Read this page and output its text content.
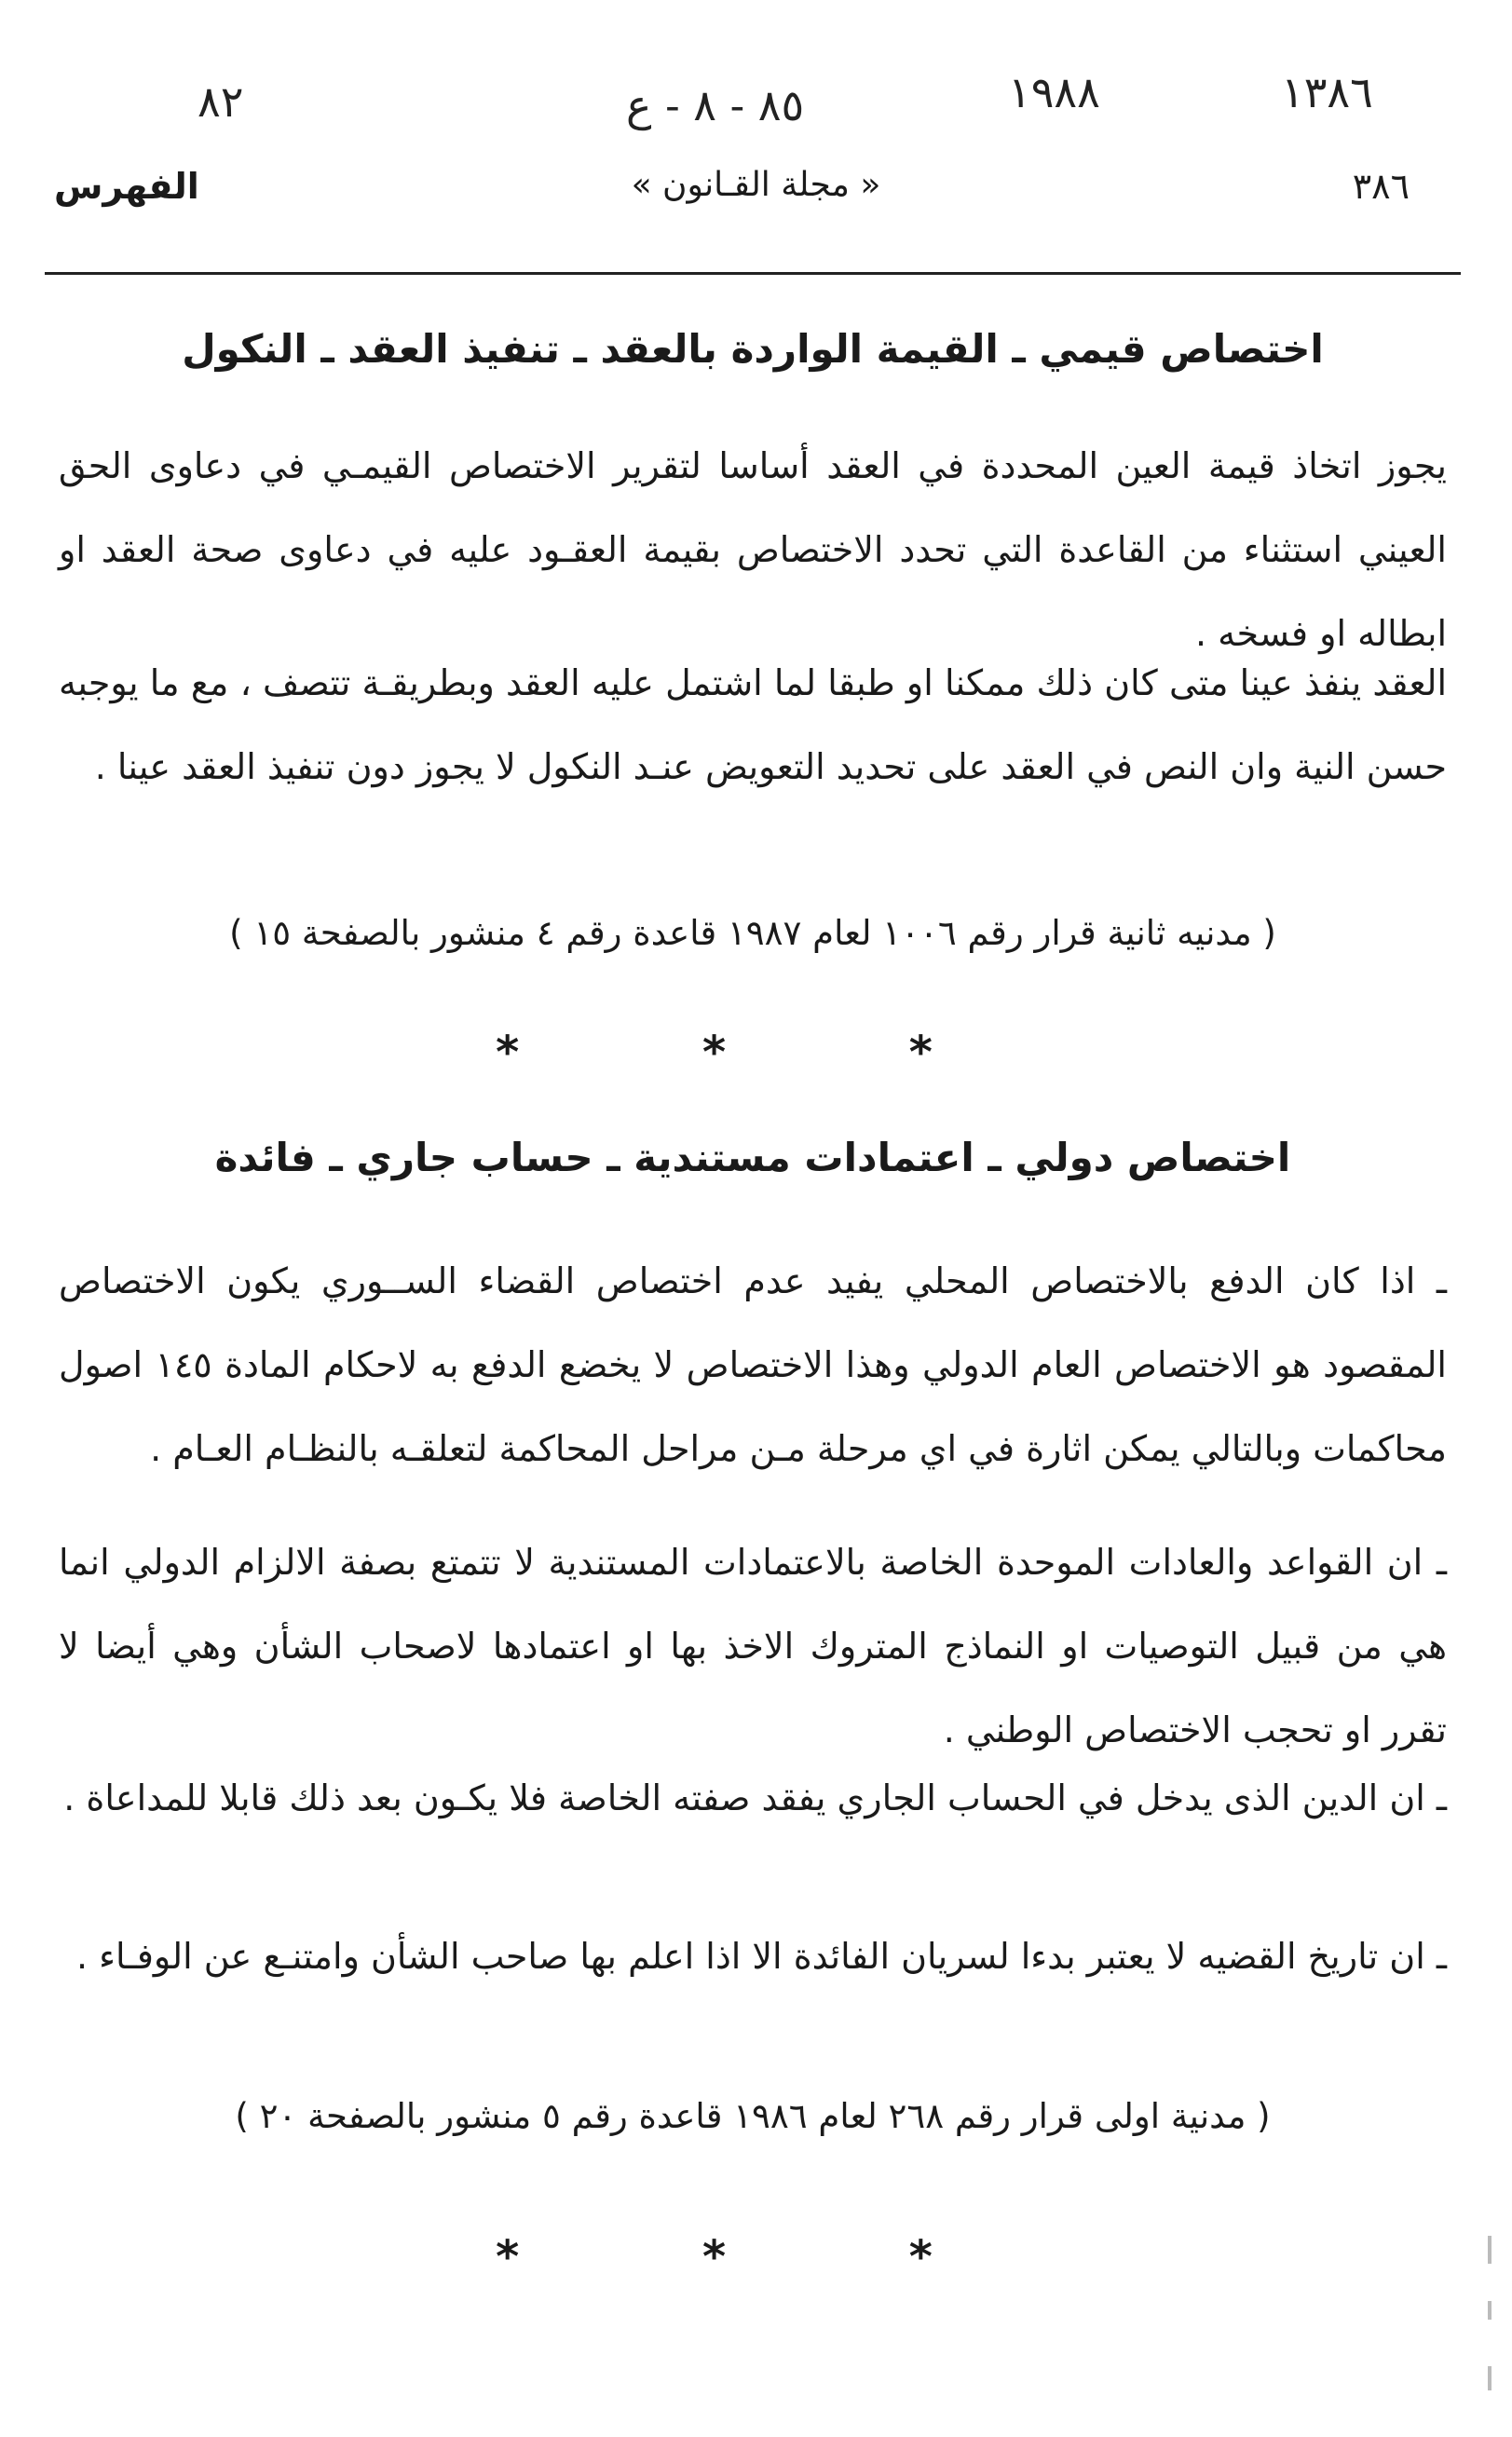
٨٢	٨٥ - ٨ - ع	١٩٨٨	١٣٨٦
الفهرس	« مجلة القـانون »	٣٨٦
اختصاص قيمي ـ القيمة الواردة بالعقد ـ تنفيذ العقد ـ النكول
يجوز اتخاذ قيمة العين المحددة في العقد أساسا لتقرير الاختصاص القيمـي في دعاوى الحق العيني استثناء من القاعدة التي تحدد الاختصاص بقيمة العقـود عليه في دعاوى صحة العقد او ابطاله او فسخه .
العقد ينفذ عينا متى كان ذلك ممكنا او طبقا لما اشتمل عليه العقد وبطريقـة تتصف ، مع ما يوجبه حسن النية وان النص في العقد على تحديد التعويض عنـد النكول لا يجوز دون تنفيذ العقد عينا .
( مدنيه ثانية قرار رقم ١٠٠٦ لعام ١٩٨٧ قاعدة رقم ٤ منشور بالصفحة ١٥ )
* * *
اختصاص دولي ـ اعتمادات مستندية ـ حساب جاري ـ فائدة
ـ اذا كان الدفع بالاختصاص المحلي يفيد عدم اختصاص القضاء الســوري يكون الاختصاص المقصود هو الاختصاص العام الدولي وهذا الاختصاص لا يخضع الدفع به لاحكام المادة ١٤٥ اصول محاكمات وبالتالي يمكن اثارة في اي مرحلة مـن مراحل المحاكمة لتعلقـه بالنظـام العـام .
ـ ان القواعد والعادات الموحدة الخاصة بالاعتمادات المستندية لا تتمتع بصفة الالزام الدولي انما هي من قبيل التوصيات او النماذج المتروك الاخذ بها او اعتمادها لاصحاب الشأن وهي أيضا لا تقرر او تحجب الاختصاص الوطني .
ـ ان الدين الذى يدخل في الحساب الجاري يفقد صفته الخاصة فلا يكـون بعد ذلك قابلا للمداعاة .
ـ ان تاريخ القضيه لا يعتبر بدءا لسريان الفائدة الا اذا اعلم بها صاحب الشأن وامتنـع عن الوفـاء .
( مدنية اولى قرار رقم ٢٦٨ لعام ١٩٨٦ قاعدة رقم ٥ منشور بالصفحة ٢٠ )
* * *
